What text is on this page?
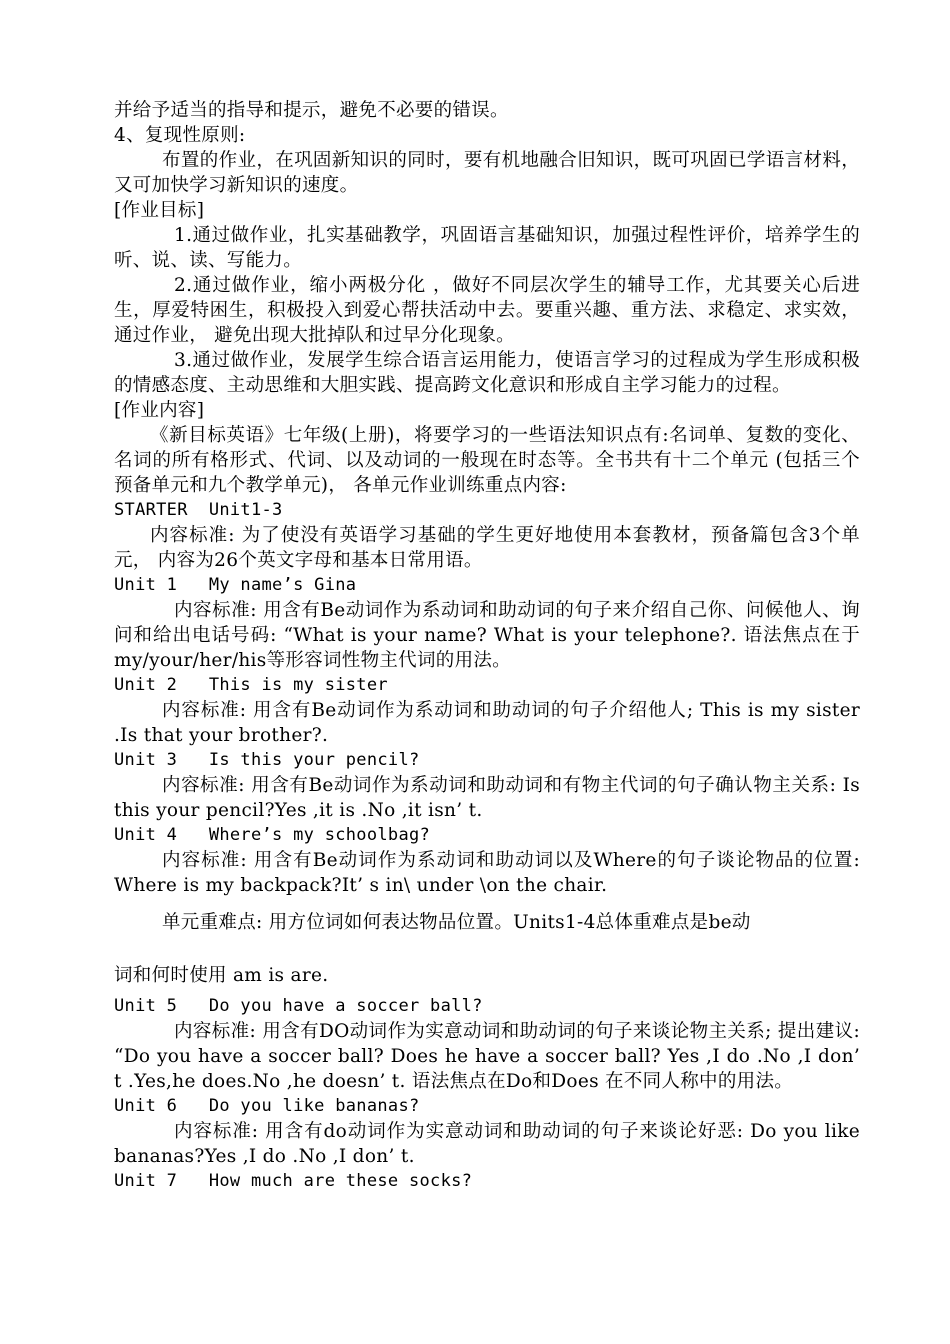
并给予适当的指导和提示，避免不必要的错误。

4、复现性原则:

布置的作业，在巩固新知识的同时，要有机地融合旧知识，既可巩固已学语言材料， 又可加快学习新知识的速度。

[作业目标]

1.通过做作业，扎实基础教学，巩固语言基础知识，加强过程性评价，培养学生的听、说、读、写能力。

2.通过做作业，缩小两极分化 ，做好不同层次学生的辅导工作，尤其要关心后进生，厚爱特困生，积极投入到爱心帮扶活动中去。要重兴趣、重方法、求稳定、求实效， 通过作业， 避免出现大批掉队和过早分化现象。

3.通过做作业，发展学生综合语言运用能力，使语言学习的过程成为学生形成积极的情感态度、主动思维和大胆实践、提高跨文化意识和形成自主学习能力的过程。

[作业内容]

《新目标英语》七年级(上册)，将要学习的一些语法知识点有:名词单、复数的变化、名词的所有格形式、代词、以及动词的一般现在时态等。全书共有十二个单元 (包括三个预备单元和九个教学单元)， 各单元作业训练重点内容:

STARTER  Unit1-3

内容标准: 为了使没有英语学习基础的学生更好地使用本套教材，预备篇包含3个单元， 内容为26个英文字母和基本日常用语。

Unit 1   My name’s Gina

内容标准: 用含有Be动词作为系动词和助动词的句子来介绍自己你、问候他人、询问和给出电话号码: “What is your name? What is your telephone?. 语法焦点在于my/your/her/his等形容词性物主代词的用法。

Unit 2   This is my sister

内容标准: 用含有Be动词作为系动词和助动词的句子介绍他人; This is my sister .Is that your brother?.

Unit 3   Is this your pencil?

内容标准: 用含有Be动词作为系动词和助动词和有物主代词的句子确认物主关系: Is this your pencil?Yes ,it is .No ,it isn’ t.

Unit 4   Where’s my schoolbag?

内容标准: 用含有Be动词作为系动词和助动词以及Where的句子谈论物品的位置: Where is my backpack?It’ s in\ under \on the chair.

单元重难点: 用方位词如何表达物品位置。Units1-4总体重难点是be动

词和何时使用 am is are.

Unit 5   Do you have a soccer ball?

内容标准: 用含有DO动词作为实意动词和助动词的句子来谈论物主关系; 提出建议: “Do you have a soccer ball? Does he have a soccer ball? Yes ,I do .No ,I don’ t .Yes,he does.No ,he doesn’ t. 语法焦点在Do和Does 在不同人称中的用法。

Unit 6   Do you like bananas?

内容标准: 用含有do动词作为实意动词和助动词的句子来谈论好恶: Do you like bananas?Yes ,I do .No ,I don’ t.

Unit 7   How much are these socks?
